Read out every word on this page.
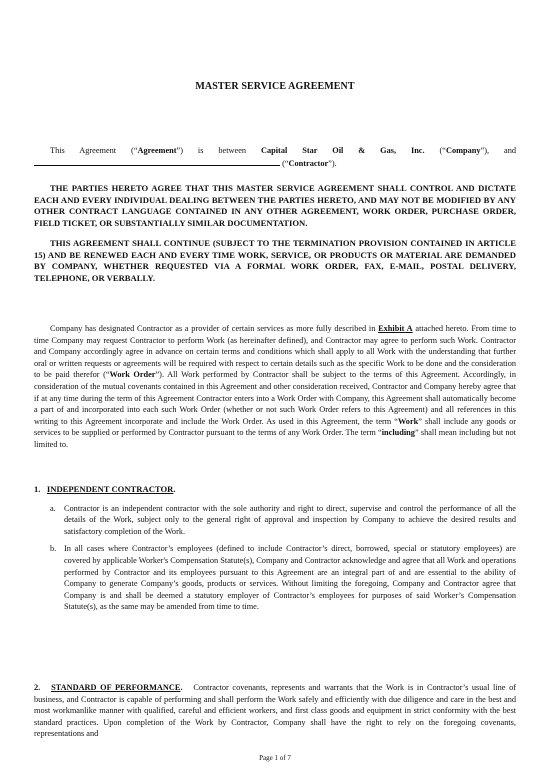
MASTER SERVICE AGREEMENT

This Agreement (“Agreement”) is between Capital Star Oil & Gas, Inc. (“Company”), and

(“Contractor”).

THE PARTIES HERETO AGREE THAT THIS MASTER SERVICE AGREEMENT SHALL CONTROL AND DICTATE EACH AND EVERY INDIVIDUAL DEALING BETWEEN THE PARTIES HERETO, AND MAY NOT BE MODIFIED BY ANY OTHER CONTRACT LANGUAGE CONTAINED IN ANY OTHER AGREEMENT, WORK ORDER, PURCHASE ORDER, FIELD TICKET, OR SUBSTANTIALLY SIMILAR DOCUMENTATION.

THIS AGREEMENT SHALL CONTINUE (SUBJECT TO THE TERMINATION PROVISION CONTAINED IN ARTICLE 15) AND BE RENEWED EACH AND EVERY TIME WORK, SERVICE, OR PRODUCTS OR MATERIAL ARE DEMANDED BY COMPANY, WHETHER REQUESTED VIA A FORMAL WORK ORDER, FAX, E-MAIL, POSTAL DELIVERY, TELEPHONE, OR VERBALLY.

Company has designated Contractor as a provider of certain services as more fully described in Exhibit A attached hereto. From time to time Company may request Contractor to perform Work (as hereinafter defined), and Contractor may agree to perform such Work. Contractor and Company accordingly agree in advance on certain terms and conditions which shall apply to all Work with the understanding that further oral or written requests or agreements will be required with respect to certain details such as the specific Work to be done and the consideration to be paid therefor (“Work Order”). All Work performed by Contractor shall be subject to the terms of this Agreement. Accordingly, in consideration of the mutual covenants contained in this Agreement and other consideration received, Contractor and Company hereby agree that if at any time during the term of this Agreement Contractor enters into a Work Order with Company, this Agreement shall automatically become a part of and incorporated into each such Work Order (whether or not such Work Order refers to this Agreement) and all references in this writing to this Agreement incorporate and include the Work Order. As used in this Agreement, the term “Work” shall include any goods or services to be supplied or performed by Contractor pursuant to the terms of any Work Order. The term “including” shall mean including but not limited to.

1. INDEPENDENT CONTRACTOR.
a. Contractor is an independent contractor with the sole authority and right to direct, supervise and control the performance of all the details of the Work, subject only to the general right of approval and inspection by Company to achieve the desired results and satisfactory completion of the Work.

b. In all cases where Contractor’s employees (defined to include Contractor’s direct, borrowed, special or statutory employees) are covered by applicable Worker's Compensation Statute(s), Company and Contractor acknowledge and agree that all Work and operations performed by Contractor and its employees pursuant to this Agreement are an integral part of and are essential to the ability of Company to generate Company’s goods, products or services. Without limiting the foregoing, Company and Contractor agree that Company is and shall be deemed a statutory employer of Contractor’s employees for purposes of said Worker’s Compensation Statute(s), as the same may be amended from time to time.

2. STANDARD OF PERFORMANCE. Contractor covenants, represents and warrants that the Work is in Contractor’s usual line of business, and Contractor is capable of performing and shall perform the Work safely and efficiently with due diligence and care in the best and most workmanlike manner with qualified, careful and efficient workers, and first class goods and equipment in strict conformity with the best standard practices. Upon completion of the Work by Contractor, Company shall have the right to rely on the foregoing covenants, representations and

Page 1 of 7
